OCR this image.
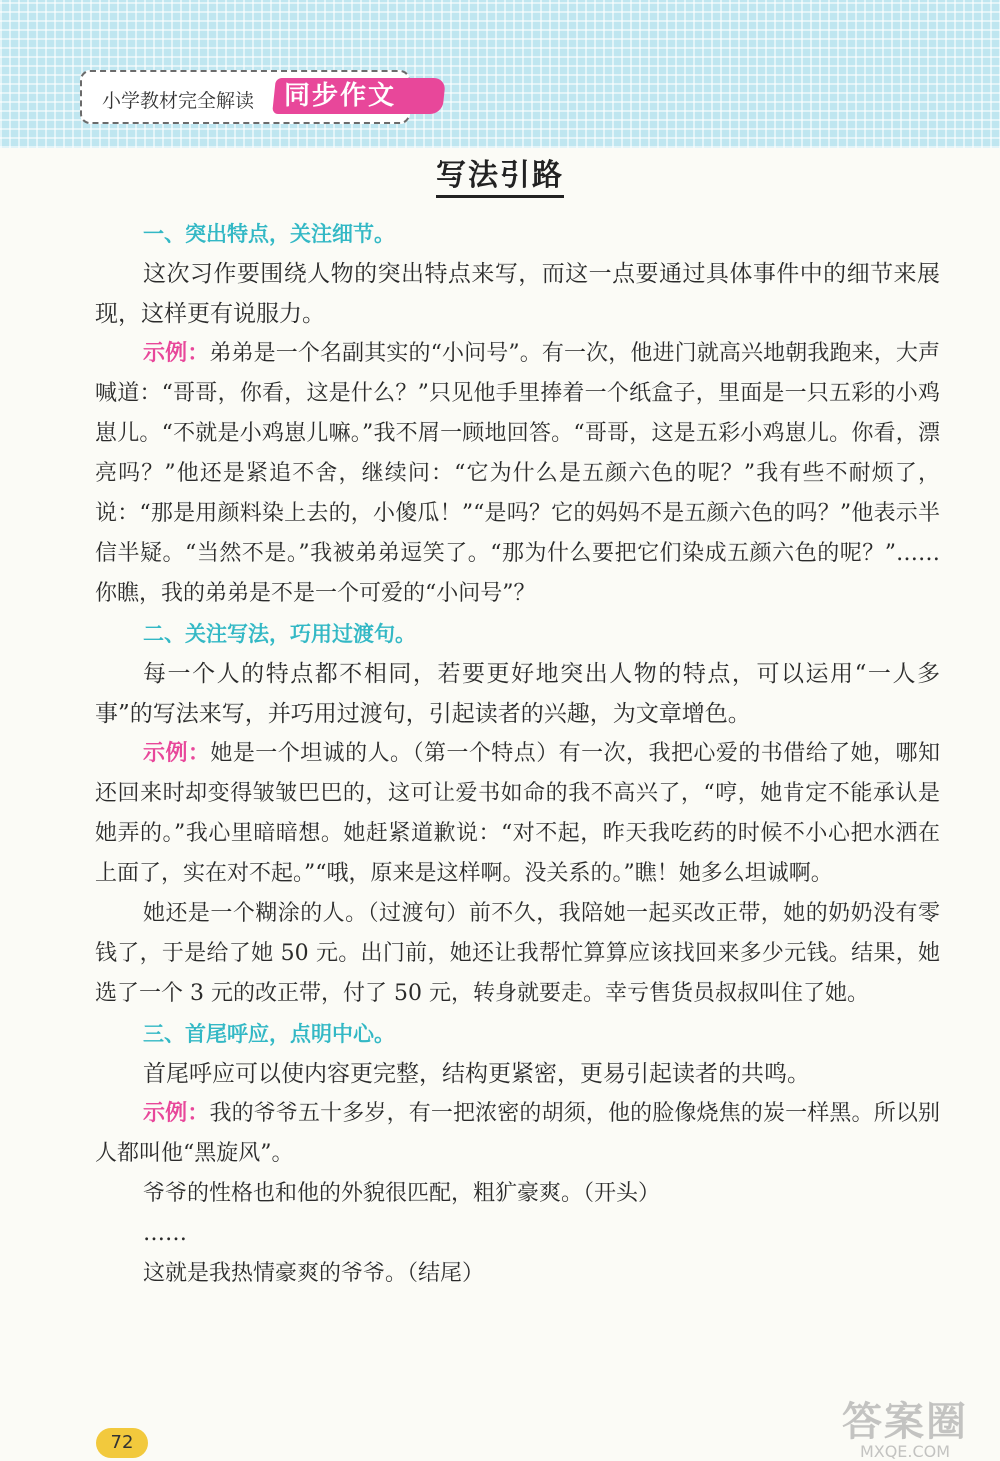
小学教材完全解读	同步作文
写法引路
一、突出特点，关注细节。

这次习作要围绕人物的突出特点来写，而这一点要通过具体事件中的细节来展现，这样更有说服力。

示例：弟弟是一个名副其实的“小问号”。有一次，他进门就高兴地朝我跑来，大声喊道：“哥哥，你看，这是什么？”只见他手里捧着一个纸盒子，里面是一只五彩的小鸡崽儿。“不就是小鸡崽儿嘛。”我不屑一顾地回答。“哥哥，这是五彩小鸡崽儿。你看，漂亮吗？”他还是紧追不舍，继续问：“它为什么是五颜六色的呢？”我有些不耐烦了，说：“那是用颜料染上去的，小傻瓜！”“是吗？它的妈妈不是五颜六色的吗？”他表示半信半疑。“当然不是。”我被弟弟逗笑了。“那为什么要把它们染成五颜六色的呢？”……你瞧，我的弟弟是不是一个可爱的“小问号”？

二、关注写法，巧用过渡句。

每一个人的特点都不相同，若要更好地突出人物的特点，可以运用“一人多事”的写法来写，并巧用过渡句，引起读者的兴趣，为文章增色。

示例：她是一个坦诚的人。（第一个特点）有一次，我把心爱的书借给了她，哪知还回来时却变得皱皱巴巴的，这可让爱书如命的我不高兴了，“哼，她肯定不能承认是她弄的。”我心里暗暗想。她赶紧道歉说：“对不起，昨天我吃药的时候不小心把水洒在上面了，实在对不起。”“哦，原来是这样啊。没关系的。”瞧！她多么坦诚啊。

她还是一个糊涂的人。（过渡句）前不久，我陪她一起买改正带，她的奶奶没有零钱了，于是给了她 50 元。出门前，她还让我帮忙算算应该找回来多少元钱。结果，她选了一个 3 元的改正带，付了 50 元，转身就要走。幸亏售货员叔叔叫住了她。

三、首尾呼应，点明中心。

首尾呼应可以使内容更完整，结构更紧密，更易引起读者的共鸣。

示例：我的爷爷五十多岁，有一把浓密的胡须，他的脸像烧焦的炭一样黑。所以别人都叫他“黑旋风”。

爷爷的性格也和他的外貌很匹配，粗犷豪爽。（开头）

……

这就是我热情豪爽的爷爷。（结尾）

72	答案圈
MXQE.COM
